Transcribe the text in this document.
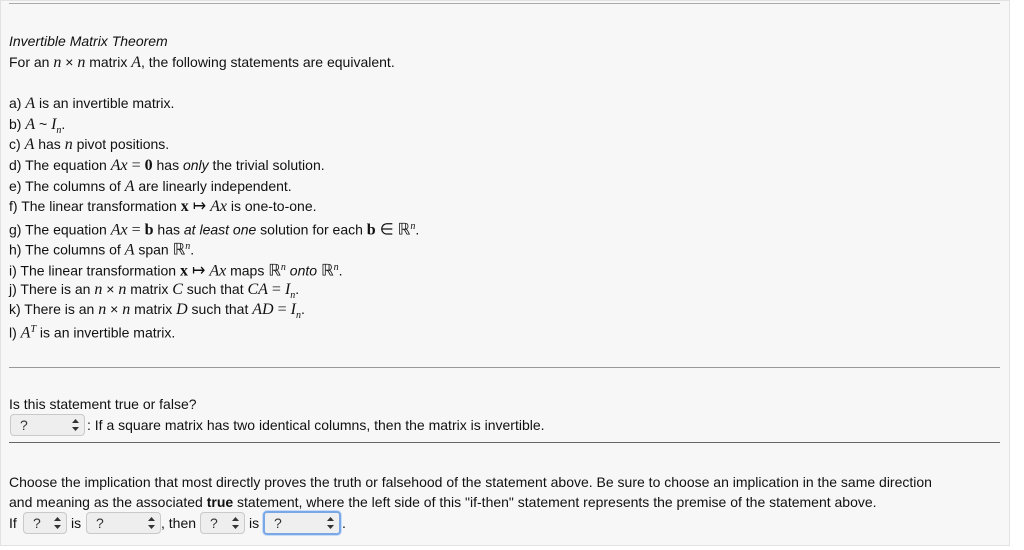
Invertible Matrix Theorem
For an n × n matrix A, the following statements are equivalent.
a) A is an invertible matrix.
b) A ~ $I_n$.
c) A has n pivot positions.
d) The equation Ax = 0 has only the trivial solution.
e) The columns of A are linearly independent.
f) The linear transformation x ↦ Ax is one-to-one.
g) The equation Ax = b has at least one solution for each b ∈ ℝ$^n$.
h) The columns of A span ℝ$^n$.
i) The linear transformation x ↦ Ax maps ℝ$^n$ onto ℝ$^n$.
j) There is an n × n matrix C such that CA = $I_n$.
k) There is an n × n matrix D such that AD = $I_n$.
l) $A^T$ is an invertible matrix.
Is this statement true or false?
?	: If a square matrix has two identical columns, then the matrix is invertible.
Choose the implication that most directly proves the truth or falsehood of the statement above. Be sure to choose an implication in the same direction
and meaning as the associated true statement, where the left side of this "if-then" statement represents the premise of the statement above.
If	?	is	?	, then ?	is	?	.
